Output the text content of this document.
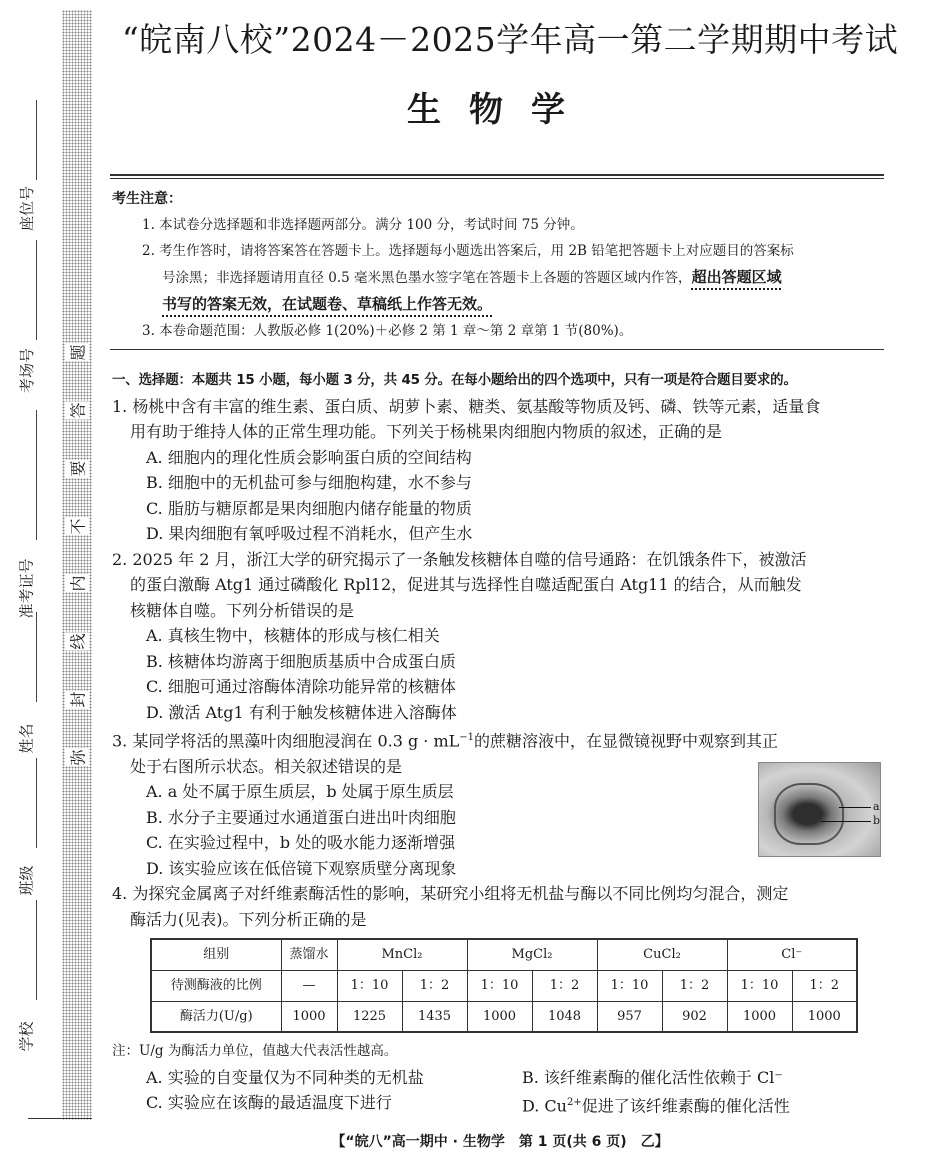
座位号
考场号
准考证号
姓名
班级
学校
题
答
要
不
内
线
封
弥
“皖南八校”2024－2025学年高一第二学期期中考试
生物学
考生注意：
1. 本试卷分选择题和非选择题两部分。满分 100 分，考试时间 75 分钟。
2. 考生作答时，请将答案答在答题卡上。选择题每小题选出答案后，用 2B 铅笔把答题卡上对应题目的答案标
号涂黑；非选择题请用直径 0.5 毫米黑色墨水签字笔在答题卡上各题的答题区域内作答，超出答题区域
书写的答案无效，在试题卷、草稿纸上作答无效。
3. 本卷命题范围：人教版必修 1(20%)＋必修 2 第 1 章～第 2 章第 1 节(80%)。
一、选择题：本题共 15 小题，每小题 3 分，共 45 分。在每小题给出的四个选项中，只有一项是符合题目要求的。
1. 杨桃中含有丰富的维生素、蛋白质、胡萝卜素、糖类、氨基酸等物质及钙、磷、铁等元素，适量食
用有助于维持人体的正常生理功能。下列关于杨桃果肉细胞内物质的叙述，正确的是
A. 细胞内的理化性质会影响蛋白质的空间结构
B. 细胞中的无机盐可参与细胞构建，水不参与
C. 脂肪与糖原都是果肉细胞内储存能量的物质
D. 果肉细胞有氧呼吸过程不消耗水，但产生水
2. 2025 年 2 月，浙江大学的研究揭示了一条触发核糖体自噬的信号通路：在饥饿条件下，被激活
的蛋白激酶 Atg1 通过磷酸化 Rpl12，促进其与选择性自噬适配蛋白 Atg11 的结合，从而触发
核糖体自噬。下列分析错误的是
A. 真核生物中，核糖体的形成与核仁相关
B. 核糖体均游离于细胞质基质中合成蛋白质
C. 细胞可通过溶酶体清除功能异常的核糖体
D. 激活 Atg1 有利于触发核糖体进入溶酶体
3. 某同学将活的黑藻叶肉细胞浸润在 0.3 $g \cdot mL^{-1}$的蔗糖溶液中，在显微镜视野中观察到其正
处于右图所示状态。相关叙述错误的是
A. a 处不属于原生质层，b 处属于原生质层
B. 水分子主要通过水通道蛋白进出叶肉细胞
C. 在实验过程中，b 处的吸水能力逐渐增强
D. 该实验应该在低倍镜下观察质壁分离现象
4. 为探究金属离子对纤维素酶活性的影响，某研究小组将无机盐与酶以不同比例均匀混合，测定
酶活力(见表)。下列分析正确的是
组别	蒸馏水	MnCl₂		MgCl₂		CuCl₂		Cl⁻	
待测酶液的比例	—	1：10	1：2	1：10	1：2	1：10	1：2	1：10	1：2
酶活力(U/g)	1000	1225	1435	1000	1048	957	902	1000	1000
注：U/g 为酶活力单位，值越大代表活性越高。
A. 实验的自变量仅为不同种类的无机盐	B. 该纤维素酶的催化活性依赖于 Cl⁻
C. 实验应在该酶的最适温度下进行	D. $Cu^{2+}$促进了该纤维素酶的催化活性
a
b
【“皖八”高一期中 · 生物学　第 1 页(共 6 页)　乙】
